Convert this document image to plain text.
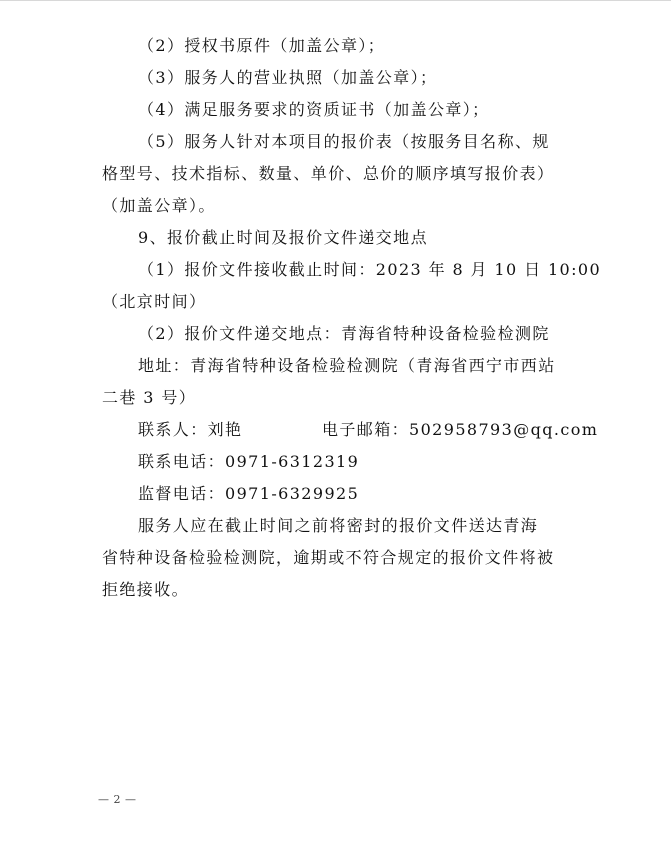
（2）授权书原件（加盖公章）；
（3）服务人的营业执照（加盖公章）；
（4）满足服务要求的资质证书（加盖公章）；
（5）服务人针对本项目的报价表（按服务目名称、规
格型号、技术指标、数量、单价、总价的顺序填写报价表）
（加盖公章）。
9、报价截止时间及报价文件递交地点
（1）报价文件接收截止时间：2023 年 8 月 10 日 10:00
（北京时间）
（2）报价文件递交地点：青海省特种设备检验检测院
地址：青海省特种设备检验检测院（青海省西宁市西站
二巷 3 号）
联系人：刘艳	电子邮箱：502958793@qq.com
联系电话：0971-6312319
监督电话：0971-6329925
服务人应在截止时间之前将密封的报价文件送达青海
省特种设备检验检测院，逾期或不符合规定的报价文件将被
拒绝接收。
— 2 —
